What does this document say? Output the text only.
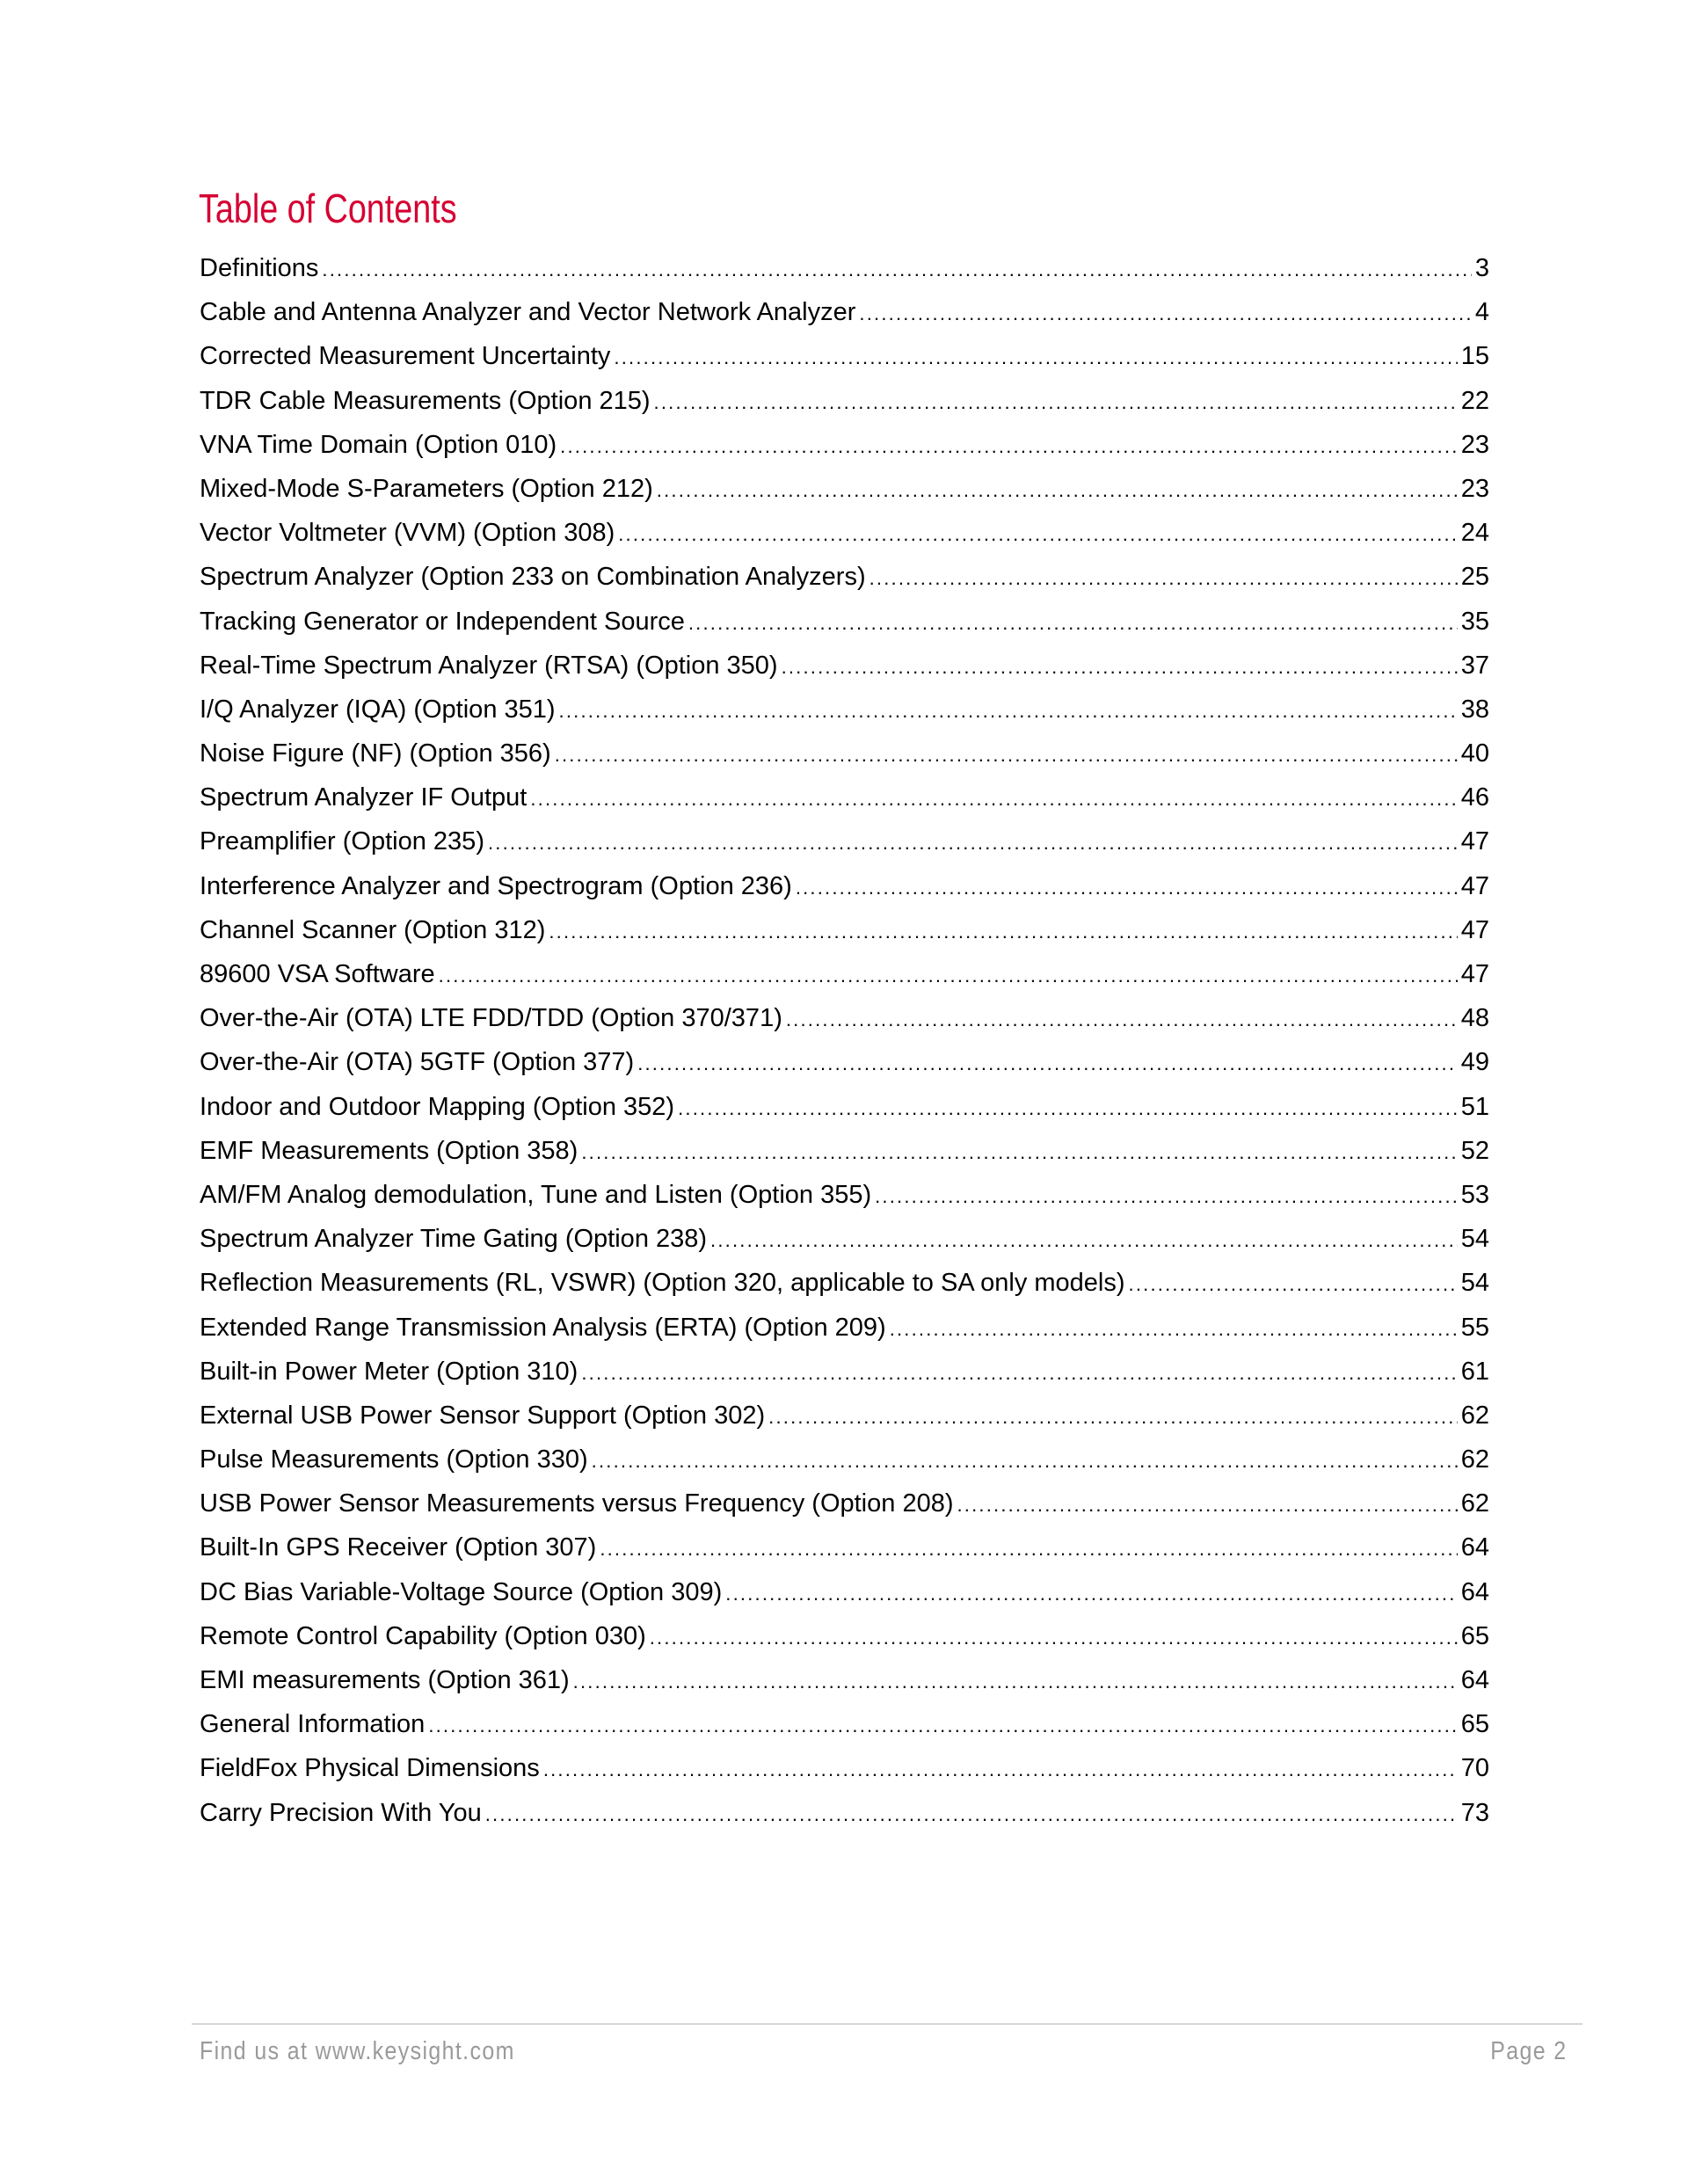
Table of Contents
Definitions .....	3
Cable and Antenna Analyzer and Vector Network Analyzer .....	4
Corrected Measurement Uncertainty .....	15
TDR Cable Measurements (Option 215) .....	22
VNA Time Domain (Option 010) .....	23
Mixed-Mode S-Parameters (Option 212) .....	23
Vector Voltmeter (VVM) (Option 308) .....	24
Spectrum Analyzer (Option 233 on Combination Analyzers) .....	25
Tracking Generator or Independent Source .....	35
Real-Time Spectrum Analyzer (RTSA) (Option 350) .....	37
I/Q Analyzer (IQA) (Option 351) .....	38
Noise Figure (NF) (Option 356) .....	40
Spectrum Analyzer IF Output .....	46
Preamplifier (Option 235) .....	47
Interference Analyzer and Spectrogram (Option 236) .....	47
Channel Scanner (Option 312) .....	47
89600 VSA Software .....	47
Over-the-Air (OTA) LTE FDD/TDD (Option 370/371) .....	48
Over-the-Air (OTA) 5GTF (Option 377) .....	49
Indoor and Outdoor Mapping (Option 352) .....	51
EMF Measurements (Option 358) .....	52
AM/FM Analog demodulation, Tune and Listen (Option 355) .....	53
Spectrum Analyzer Time Gating (Option 238) .....	54
Reflection Measurements (RL, VSWR) (Option 320, applicable to SA only models) .....	54
Extended Range Transmission Analysis (ERTA) (Option 209) .....	55
Built-in Power Meter (Option 310) .....	61
External USB Power Sensor Support (Option 302) .....	62
Pulse Measurements (Option 330) .....	62
USB Power Sensor Measurements versus Frequency (Option 208) .....	62
Built-In GPS Receiver (Option 307) .....	64
DC Bias Variable-Voltage Source (Option 309) .....	64
Remote Control Capability (Option 030) .....	65
EMI measurements (Option 361) .....	64
General Information .....	65
FieldFox Physical Dimensions .....	70
Carry Precision With You .....	73
Find us at www.keysight.com	Page 2
